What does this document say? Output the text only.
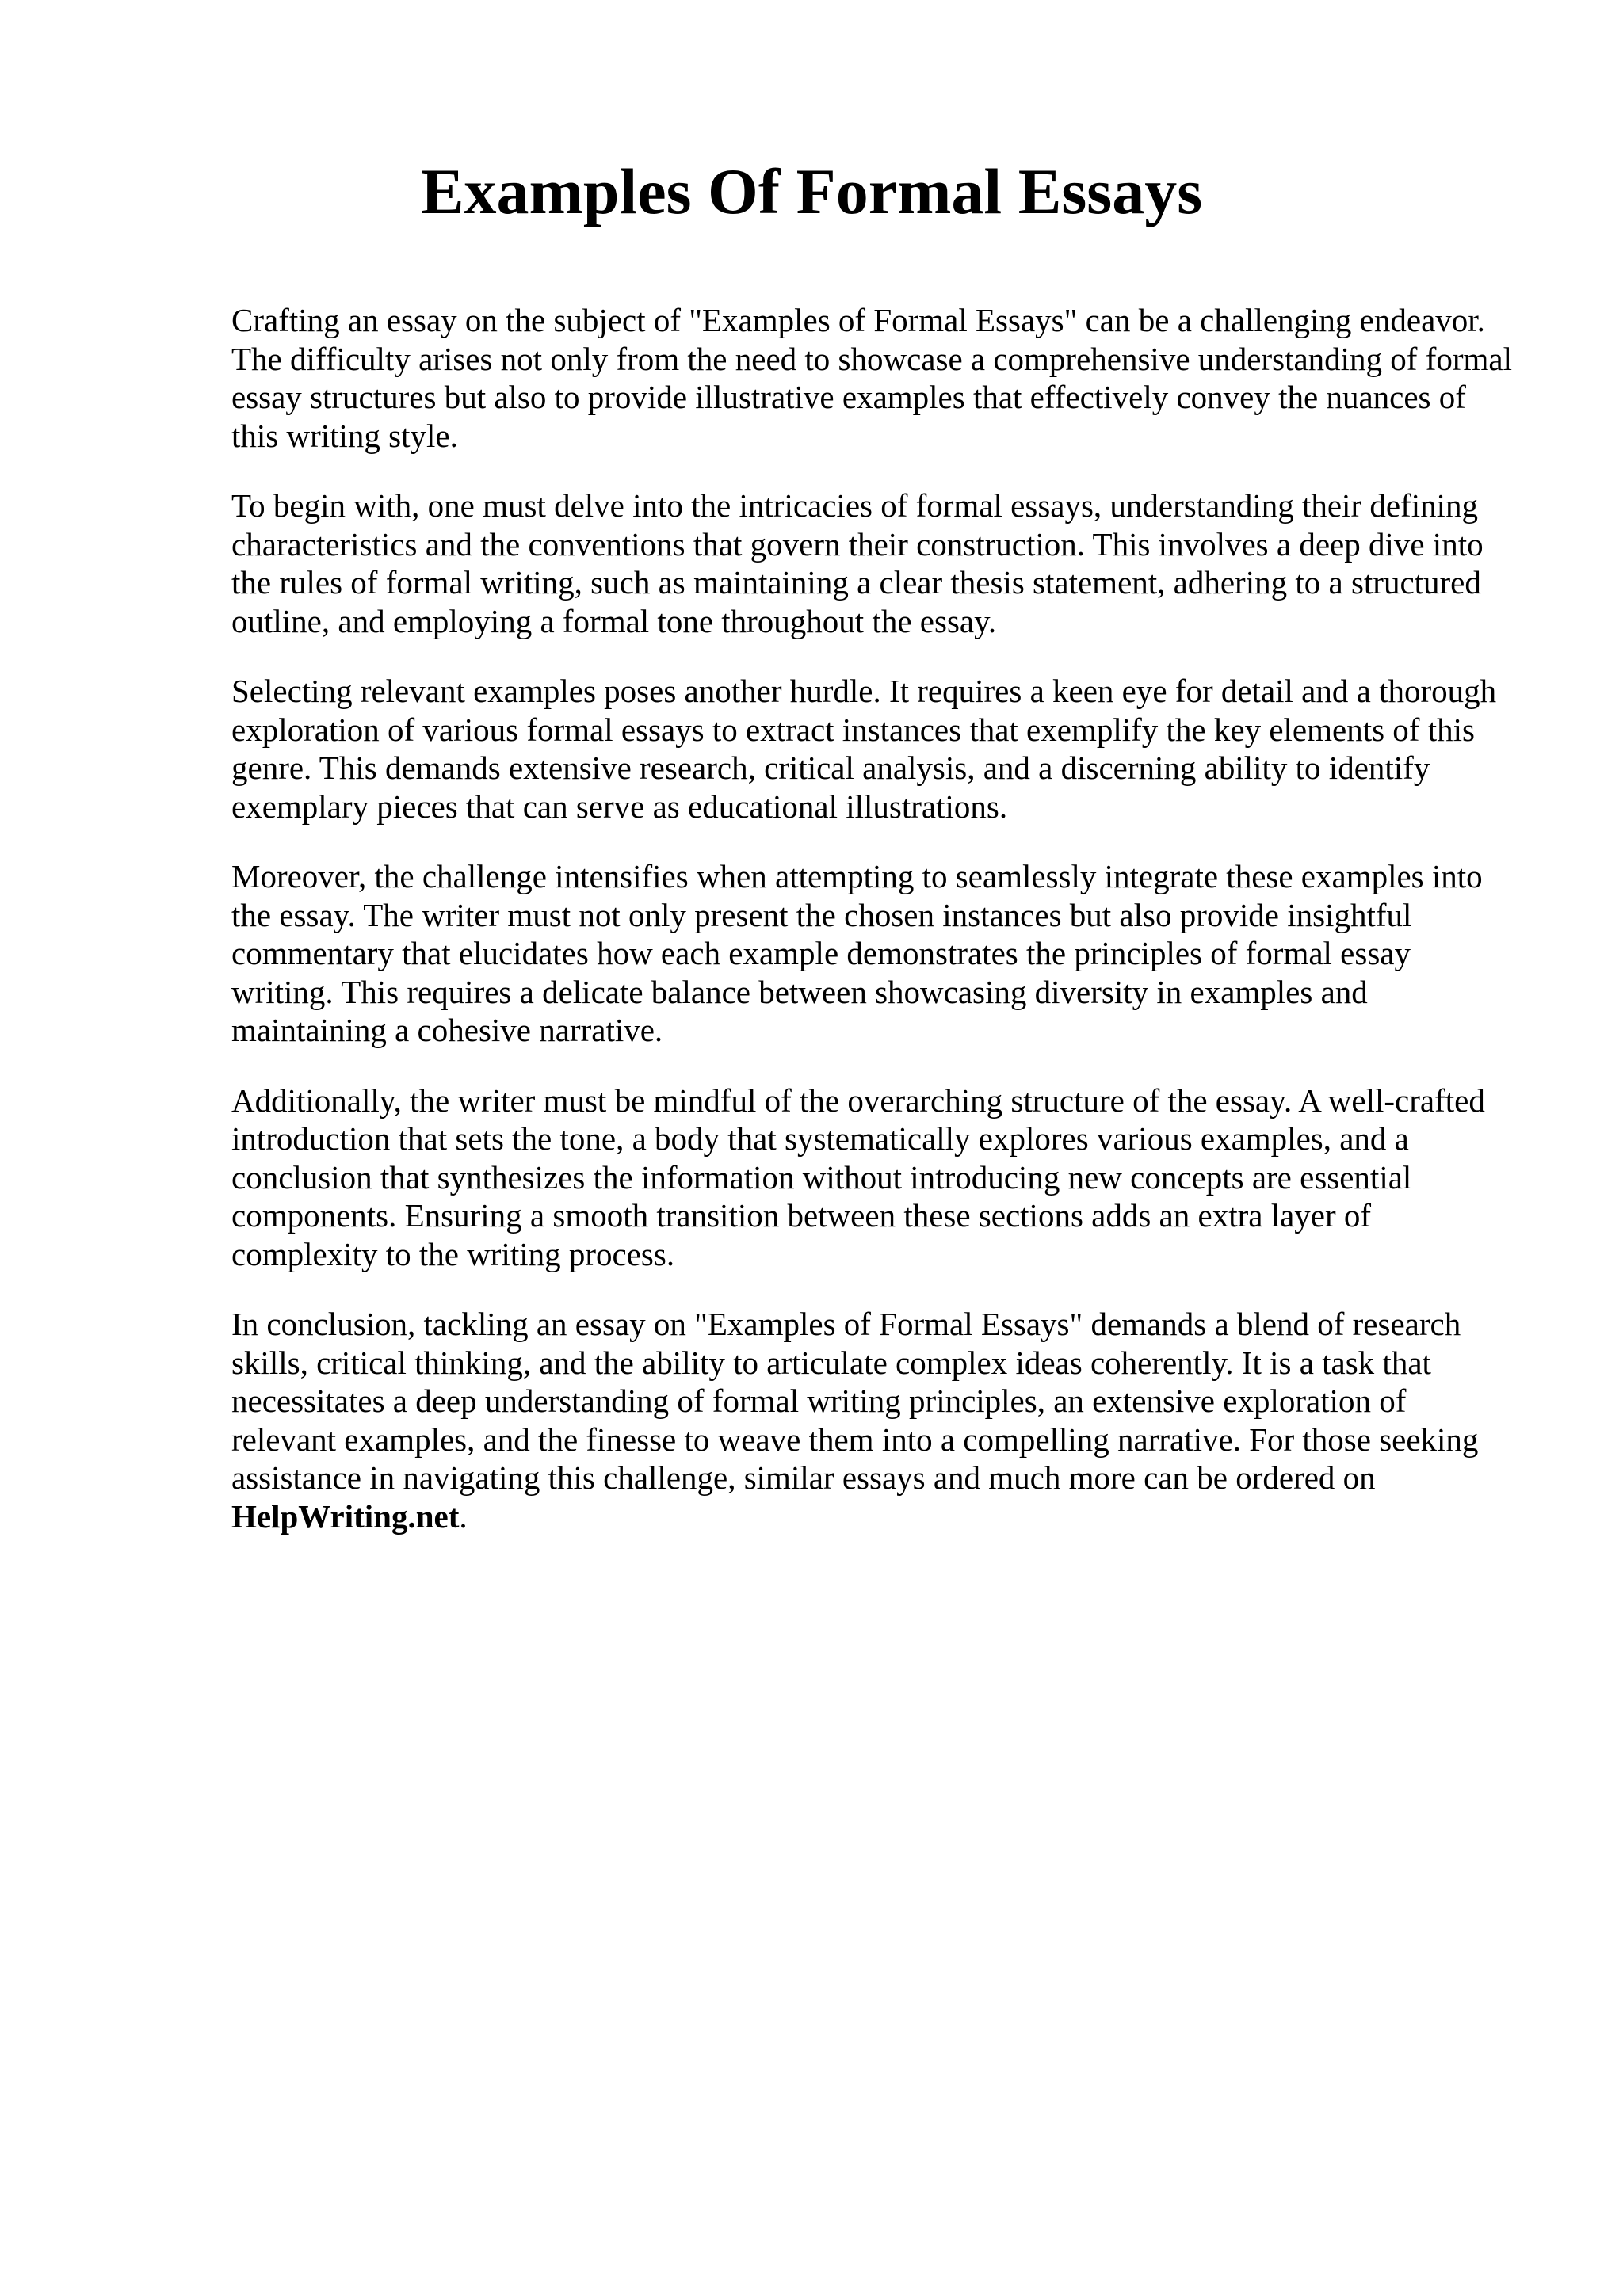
Examples Of Formal Essays

Crafting an essay on the subject of "Examples of Formal Essays" can be a challenging endeavor. The difficulty arises not only from the need to showcase a comprehensive understanding of formal essay structures but also to provide illustrative examples that effectively convey the nuances of this writing style.

To begin with, one must delve into the intricacies of formal essays, understanding their defining characteristics and the conventions that govern their construction. This involves a deep dive into the rules of formal writing, such as maintaining a clear thesis statement, adhering to a structured outline, and employing a formal tone throughout the essay.

Selecting relevant examples poses another hurdle. It requires a keen eye for detail and a thorough exploration of various formal essays to extract instances that exemplify the key elements of this genre. This demands extensive research, critical analysis, and a discerning ability to identify exemplary pieces that can serve as educational illustrations.

Moreover, the challenge intensifies when attempting to seamlessly integrate these examples into the essay. The writer must not only present the chosen instances but also provide insightful commentary that elucidates how each example demonstrates the principles of formal essay writing. This requires a delicate balance between showcasing diversity in examples and maintaining a cohesive narrative.

Additionally, the writer must be mindful of the overarching structure of the essay. A well-crafted introduction that sets the tone, a body that systematically explores various examples, and a conclusion that synthesizes the information without introducing new concepts are essential components. Ensuring a smooth transition between these sections adds an extra layer of complexity to the writing process.

In conclusion, tackling an essay on "Examples of Formal Essays" demands a blend of research skills, critical thinking, and the ability to articulate complex ideas coherently. It is a task that necessitates a deep understanding of formal writing principles, an extensive exploration of relevant examples, and the finesse to weave them into a compelling narrative. For those seeking assistance in navigating this challenge, similar essays and much more can be ordered on HelpWriting.net.
